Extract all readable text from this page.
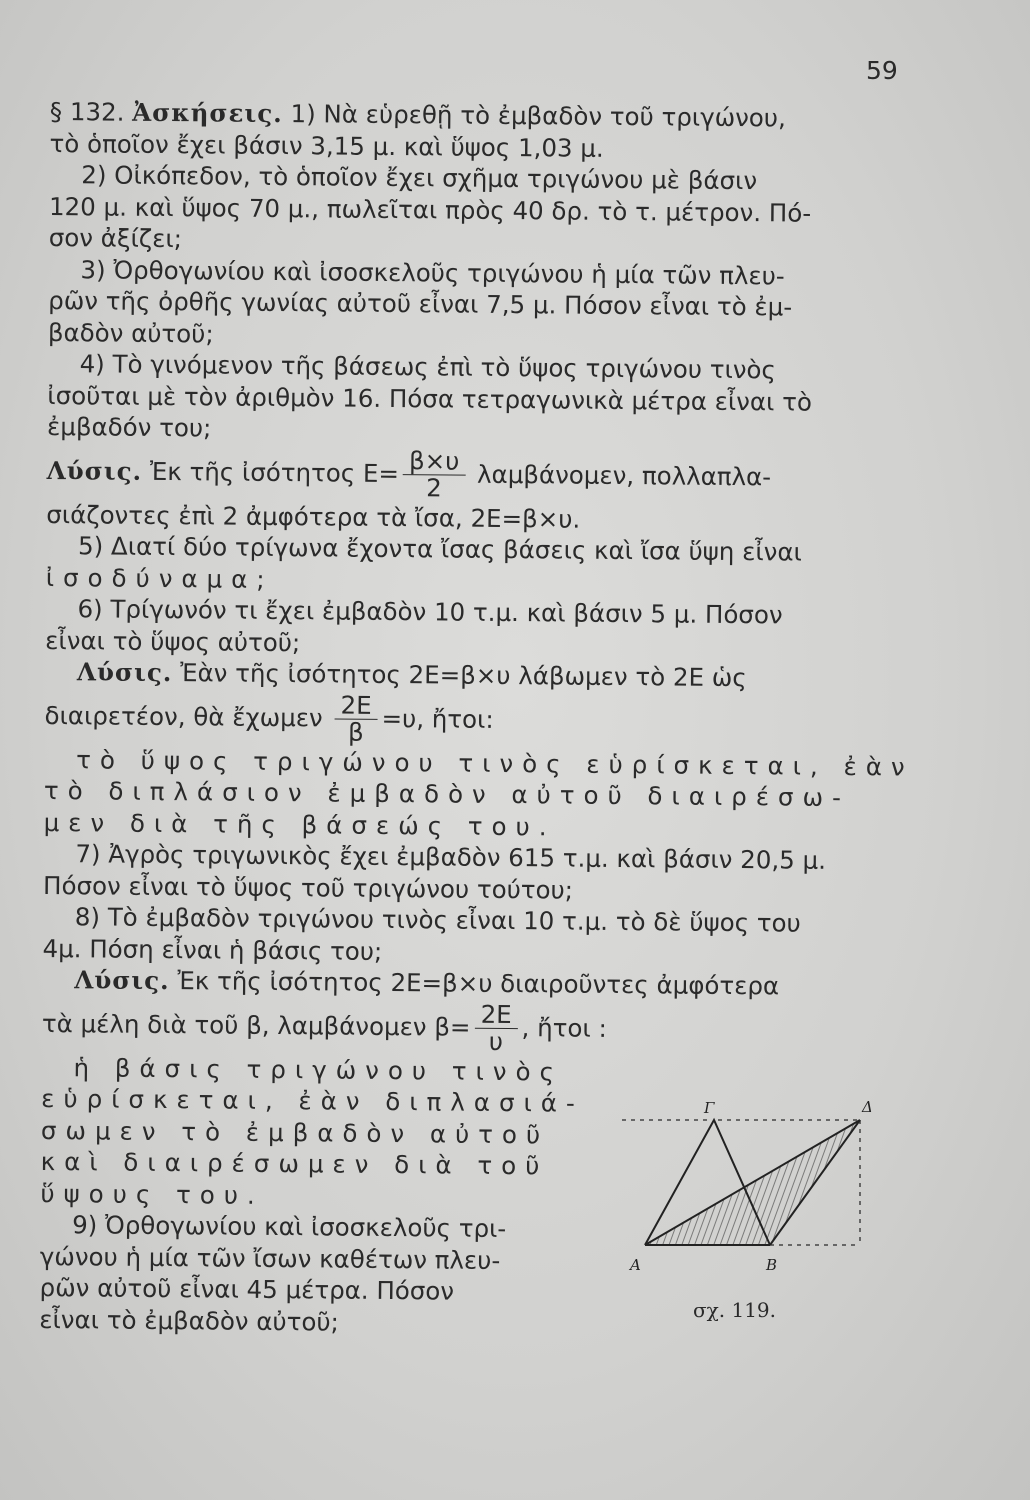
59
§ 132. Ἀσκήσεις. 1) Νὰ εὑρεθῇ τὸ ἐμβαδὸν τοῦ τριγώνου,
τὸ ὁποῖον ἔχει βάσιν 3,15 μ. καὶ ὕψος 1,03 μ.
2) Οἰκόπεδον, τὸ ὁποῖον ἔχει σχῆμα τριγώνου μὲ βάσιν
120 μ. καὶ ὕψος 70 μ., πωλεῖται πρὸς 40 δρ. τὸ τ. μέτρον. Πό-
σον ἀξίζει;
3) Ὀρθογωνίου καὶ ἰσοσκελοῦς τριγώνου ἡ μία τῶν πλευ-
ρῶν τῆς ὀρθῆς γωνίας αὐτοῦ εἶναι 7,5 μ. Πόσον εἶναι τὸ ἐμ-
βαδὸν αὐτοῦ;
4) Τὸ γινόμενον τῆς βάσεως ἐπὶ τὸ ὕψος τριγώνου τινὸς
ἰσοῦται μὲ τὸν ἀριθμὸν 16. Πόσα τετραγωνικὰ μέτρα εἶναι τὸ
ἐμβαδόν του;
Λύσις. Ἐκ τῆς ἰσότητος $E= \frac{\beta\times\upsilon}{2} \lambda\alpha\mu\beta ά\nu o\mu\varepsilon\nu$, πολλαπλα-
σιάζοντες ἐπὶ 2 ἀμφότερα τὰ ἴσα, 2Ε=β×υ.
5) Διατί δύο τρίγωνα ἔχοντα ἴσας βάσεις καὶ ἴσα ὕψη εἶναι
ἰσοδύναμα;
6) Τρίγωνόν τι ἔχει ἐμβαδὸν 10 τ.μ. καὶ βάσιν 5 μ. Πόσον
εἶναι τὸ ὕψος αὐτοῦ;
Λύσις. Ἐὰν τῆς ἰσότητος 2Ε=β×υ λάβωμεν τὸ 2Ε ὡς
διαιρετέον, θὰ ἔχωμεν $\frac{2E}{\beta} =\upsilon$, ἤτοι:
τὸ ὕψος τριγώνου τινὸς εὑρίσκεται, ἐὰν
τὸ διπλάσιον ἐμβαδὸν αὐτοῦ διαιρέσω-
μεν διὰ τῆς βάσεώς του.
7) Ἀγρὸς τριγωνικὸς ἔχει ἐμβαδὸν 615 τ.μ. καὶ βάσιν 20,5 μ.
Πόσον εἶναι τὸ ὕψος τοῦ τριγώνου τούτου;
8) Τὸ ἐμβαδὸν τριγώνου τινὸς εἶναι 10 τ.μ. τὸ δὲ ὕψος του
4μ. Πόση εἶναι ἡ βάσις του;
Λύσις. Ἐκ τῆς ἰσότητος 2Ε=β×υ διαιροῦντες ἀμφότερα
τὰ μέλη διὰ τοῦ β, λαμβάνομεν $\beta= \frac{2E}{\upsilon}$ , ἤτοι :
ἡ βάσις τριγώνου τινὸς
εὑρίσκεται, ἐὰν διπλασιά-
σωμεν τὸ ἐμβαδὸν αὐτοῦ
καὶ διαιρέσωμεν διὰ τοῦ
ὕψους του.
9) Ὀρθογωνίου καὶ ἰσοσκελοῦς τρι-
γώνου ἡ μία τῶν ἴσων καθέτων πλευ-
ρῶν αὐτοῦ εἶναι 45 μέτρα. Πόσον
εἶναι τὸ ἐμβαδὸν αὐτοῦ;
Γ	Δ
Α	Β
σχ. 119.
